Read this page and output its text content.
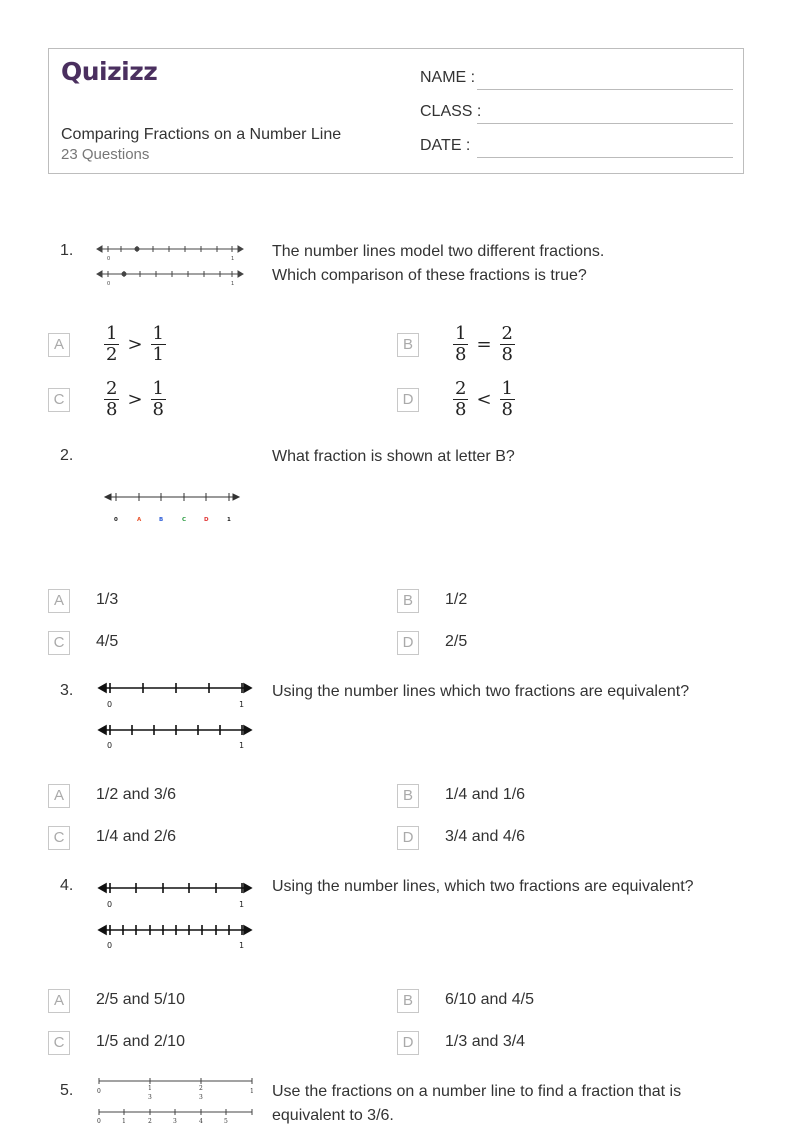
Quizizz
Comparing Fractions on a Number Line
23 Questions
NAME :
CLASS :
DATE :
1.	0	1
0	1
The number lines model two different fractions.
Which comparison of these fractions is true?
A	$\frac{1}{2} > \frac{1}{1}$	B	$\frac{1}{8} = \frac{2}{8}$
C	$\frac{2}{8} > \frac{1}{8}$	D	$\frac{2}{8} < \frac{1}{8}$
2.	What fraction is shown at letter B?
0	A	B	C	D	1
A	1/3	B	1/2
C	4/5	D	2/5
3.	Using the number lines which two fractions are equivalent?
0	1
0	1
A	1/2 and 3/6	B	1/4 and 1/6
C	1/4 and 2/6	D	3/4 and 4/6
4.	Using the number lines, which two fractions are equivalent?
0	1
0	1
A	2/5 and 5/10	B	6/10 and 4/5
C	1/5 and 2/10	D	1/3 and 3/4
5.	Use the fractions on a number line to find a fraction that is
equivalent to 3/6.
0	1
3
2
3
1
0	1	2	3	4	5
